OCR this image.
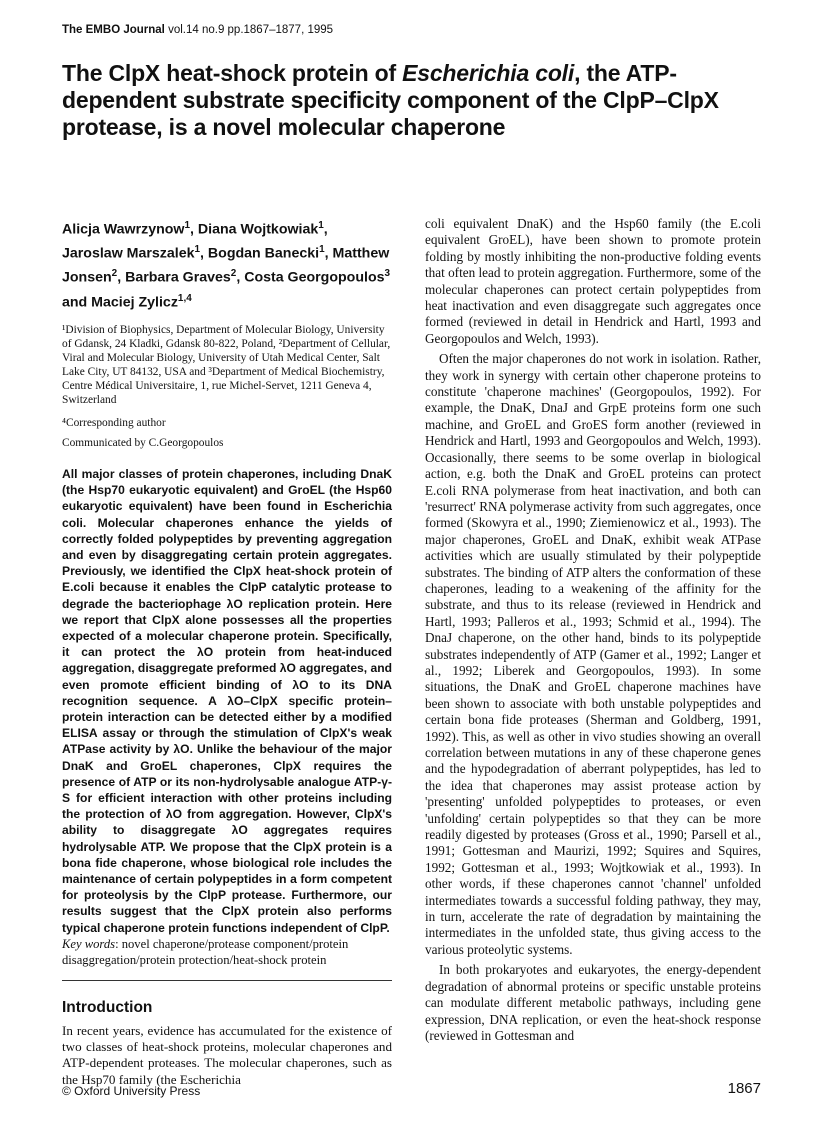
The EMBO Journal vol.14 no.9 pp.1867–1877, 1995
The ClpX heat-shock protein of Escherichia coli, the ATP-dependent substrate specificity component of the ClpP–ClpX protease, is a novel molecular chaperone

Alicja Wawrzynow$^1$, Diana Wojtkowiak$^1$, Jaroslaw Marszalek$^1$, Bogdan Banecki$^1$, Matthew Jonsen$^2$, Barbara Graves$^2$, Costa Georgopoulos$^3$ and Maciej Zylicz$^{1,4}$

¹Division of Biophysics, Department of Molecular Biology, University of Gdansk, 24 Kladki, Gdansk 80-822, Poland, ²Department of Cellular, Viral and Molecular Biology, University of Utah Medical Center, Salt Lake City, UT 84132, USA and ³Department of Medical Biochemistry, Centre Médical Universitaire, 1, rue Michel-Servet, 1211 Geneva 4, Switzerland

⁴Corresponding author

Communicated by C.Georgopoulos

All major classes of protein chaperones, including DnaK (the Hsp70 eukaryotic equivalent) and GroEL (the Hsp60 eukaryotic equivalent) have been found in Escherichia coli. Molecular chaperones enhance the yields of correctly folded polypeptides by preventing aggregation and even by disaggregating certain protein aggregates. Previously, we identified the ClpX heat-shock protein of E.coli because it enables the ClpP catalytic protease to degrade the bacteriophage λO replication protein. Here we report that ClpX alone possesses all the properties expected of a molecular chaperone protein. Specifically, it can protect the λO protein from heat-induced aggregation, disaggregate preformed λO aggregates, and even promote efficient binding of λO to its DNA recognition sequence. A λO–ClpX specific protein–protein interaction can be detected either by a modified ELISA assay or through the stimulation of ClpX's weak ATPase activity by λO. Unlike the behaviour of the major DnaK and GroEL chaperones, ClpX requires the presence of ATP or its non-hydrolysable analogue ATP-γ-S for efficient interaction with other proteins including the protection of λO from aggregation. However, ClpX's ability to disaggregate λO aggregates requires hydrolysable ATP. We propose that the ClpX protein is a bona fide chaperone, whose biological role includes the maintenance of certain polypeptides in a form competent for proteolysis by the ClpP protease. Furthermore, our results suggest that the ClpX protein also performs typical chaperone protein functions independent of ClpP.

Key words: novel chaperone/protease component/protein disaggregation/protein protection/heat-shock protein

Introduction

In recent years, evidence has accumulated for the existence of two classes of heat-shock proteins, molecular chaperones and ATP-dependent proteases. The molecular chaperones, such as the Hsp70 family (the Escherichia

coli equivalent DnaK) and the Hsp60 family (the E.coli equivalent GroEL), have been shown to promote protein folding by mostly inhibiting the non-productive folding events that often lead to protein aggregation. Furthermore, some of the molecular chaperones can protect certain polypeptides from heat inactivation and even disaggregate such aggregates once formed (reviewed in detail in Hendrick and Hartl, 1993 and Georgopoulos and Welch, 1993).

Often the major chaperones do not work in isolation. Rather, they work in synergy with certain other chaperone proteins to constitute 'chaperone machines' (Georgopoulos, 1992). For example, the DnaK, DnaJ and GrpE proteins form one such machine, and GroEL and GroES form another (reviewed in Hendrick and Hartl, 1993 and Georgopoulos and Welch, 1993). Occasionally, there seems to be some overlap in biological action, e.g. both the DnaK and GroEL proteins can protect E.coli RNA polymerase from heat inactivation, and both can 'resurrect' RNA polymerase activity from such aggregates, once formed (Skowyra et al., 1990; Ziemienowicz et al., 1993). The major chaperones, GroEL and DnaK, exhibit weak ATPase activities which are usually stimulated by their polypeptide substrates. The binding of ATP alters the conformation of these chaperones, leading to a weakening of the affinity for the substrate, and thus to its release (reviewed in Hendrick and Hartl, 1993; Palleros et al., 1993; Schmid et al., 1994). The DnaJ chaperone, on the other hand, binds to its polypeptide substrates independently of ATP (Gamer et al., 1992; Langer et al., 1992; Liberek and Georgopoulos, 1993). In some situations, the DnaK and GroEL chaperone machines have been shown to associate with both unstable polypeptides and certain bona fide proteases (Sherman and Goldberg, 1991, 1992). This, as well as other in vivo studies showing an overall correlation between mutations in any of these chaperone genes and the hypodegradation of aberrant polypeptides, has led to the idea that chaperones may assist protease action by 'presenting' unfolded polypeptides to proteases, or even 'unfolding' certain polypeptides so that they can be more readily digested by proteases (Gross et al., 1990; Parsell et al., 1991; Gottesman and Maurizi, 1992; Squires and Squires, 1992; Gottesman et al., 1993; Wojtkowiak et al., 1993). In other words, if these chaperones cannot 'channel' unfolded intermediates towards a successful folding pathway, they may, in turn, accelerate the rate of degradation by maintaining the intermediates in the unfolded state, thus giving access to the various proteolytic systems.

In both prokaryotes and eukaryotes, the energy-dependent degradation of abnormal proteins or specific unstable proteins can modulate different metabolic pathways, including gene expression, DNA replication, or even the heat-shock response (reviewed in Gottesman and

© Oxford University Press	1867
